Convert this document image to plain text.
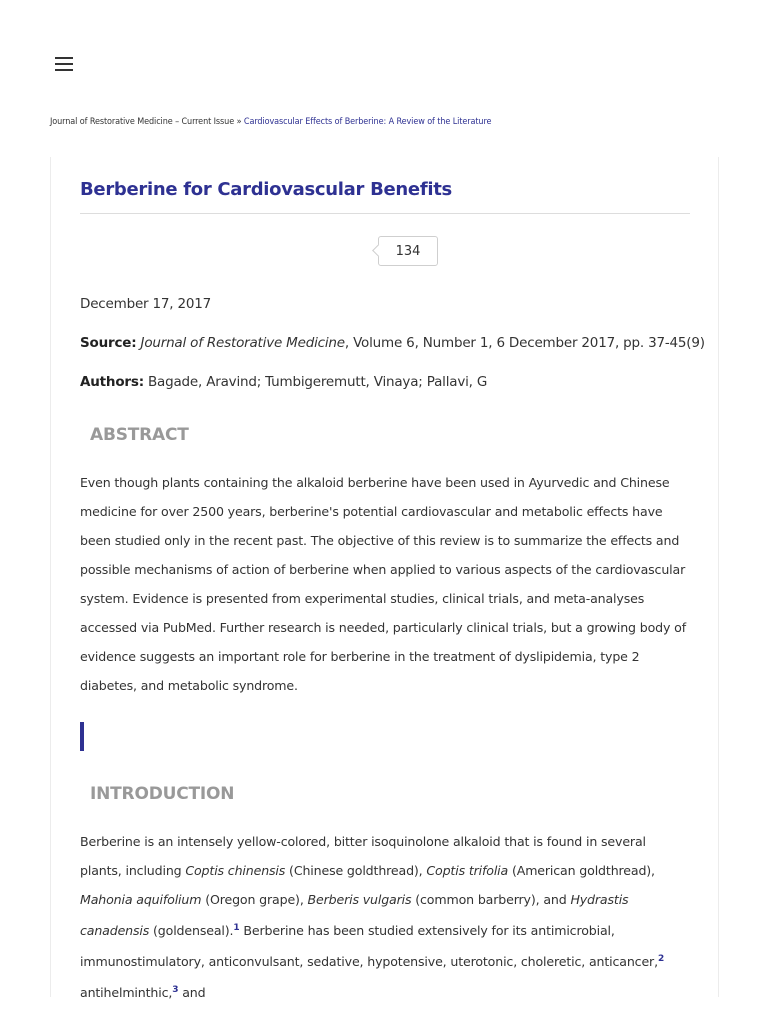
Journal of Restorative Medicine – Current Issue » Cardiovascular Effects of Berberine: A Review of the Literature
Berberine for Cardiovascular Benefits
134
December 17, 2017
Source: Journal of Restorative Medicine, Volume 6, Number 1, 6 December 2017, pp. 37-45(9)
Authors: Bagade, Aravind; Tumbigeremutt, Vinaya; Pallavi, G
ABSTRACT

Even though plants containing the alkaloid berberine have been used in Ayurvedic and Chinese medicine for over 2500 years, berberine's potential cardiovascular and metabolic effects have been studied only in the recent past. The objective of this review is to summarize the effects and possible mechanisms of action of berberine when applied to various aspects of the cardiovascular system. Evidence is presented from experimental studies, clinical trials, and meta-analyses accessed via PubMed. Further research is needed, particularly clinical trials, but a growing body of evidence suggests an important role for berberine in the treatment of dyslipidemia, type 2 diabetes, and metabolic syndrome.

INTRODUCTION

Berberine is an intensely yellow-colored, bitter isoquinolone alkaloid that is found in several plants, including Coptis chinensis (Chinese goldthread), Coptis trifolia (American goldthread), Mahonia aquifolium (Oregon grape), Berberis vulgaris (common barberry), and Hydrastis canadensis (goldenseal).$^1$ Berberine has been studied extensively for its antimicrobial, immunostimulatory, anticonvulsant, sedative, hypotensive, uterotonic, choleretic, anticancer,$^2$ antihelminthic,$^3$ and
